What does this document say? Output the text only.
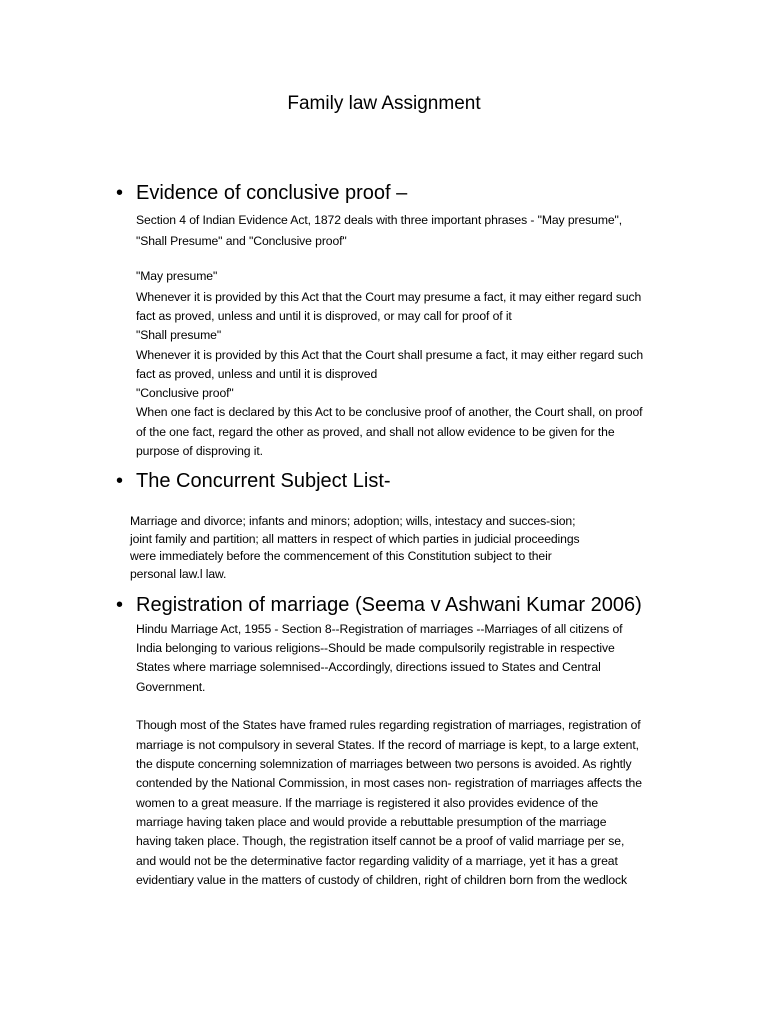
Family law Assignment
• Evidence of conclusive proof –
Section 4 of Indian Evidence Act, 1872 deals with three important phrases - "May presume",
"Shall Presume" and "Conclusive proof"
"May presume"
Whenever it is provided by this Act that the Court may presume a fact, it may either regard such
fact as proved, unless and until it is disproved, or may call for proof of it
"Shall presume"
Whenever it is provided by this Act that the Court shall presume a fact, it may either regard such
fact as proved, unless and until it is disproved
"Conclusive proof"
When one fact is declared by this Act to be conclusive proof of another, the Court shall, on proof
of the one fact, regard the other as proved, and shall not allow evidence to be given for the
purpose of disproving it.
• The Concurrent Subject List-
Marriage and divorce; infants and minors; adoption; wills, intestacy and succes-sion;
joint family and partition; all matters in respect of which parties in judicial proceedings
were immediately before the commencement of this Constitution subject to their
personal law.l law.
• Registration of marriage (Seema v Ashwani Kumar 2006)
Hindu Marriage Act, 1955 - Section 8--Registration of marriages --Marriages of all citizens of
India belonging to various religions--Should be made compulsorily registrable in respective
States where marriage solemnised--Accordingly, directions issued to States and Central
Government.
Though most of the States have framed rules regarding registration of marriages, registration of
marriage is not compulsory in several States. If the record of marriage is kept, to a large extent,
the dispute concerning solemnization of marriages between two persons is avoided. As rightly
contended by the National Commission, in most cases non- registration of marriages affects the
women to a great measure. If the marriage is registered it also provides evidence of the
marriage having taken place and would provide a rebuttable presumption of the marriage
having taken place. Though, the registration itself cannot be a proof of valid marriage per se,
and would not be the determinative factor regarding validity of a marriage, yet it has a great
evidentiary value in the matters of custody of children, right of children born from the wedlock
